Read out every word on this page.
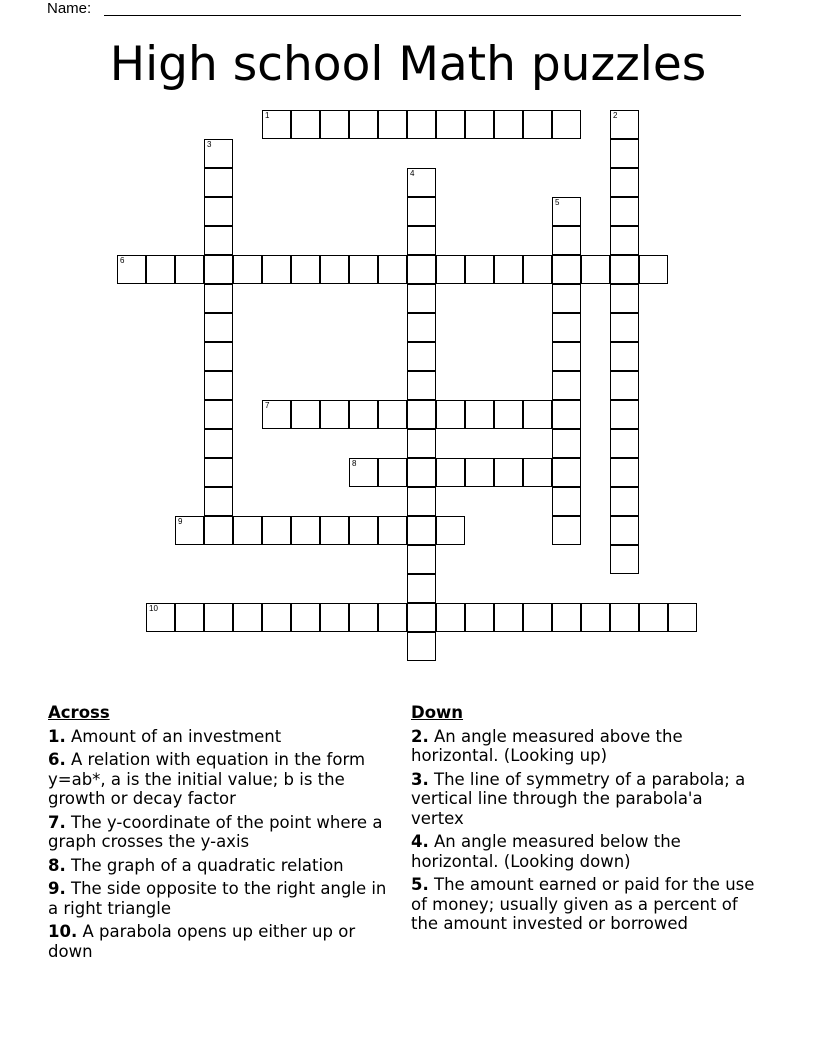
Name:
High school Math puzzles
1	2
3
4
5
6
7
8
9
10
Across
1. Amount of an investment
6. A relation with equation in the form y=ab*, a is the initial value; b is the growth or decay factor
7. The y-coordinate of the point where a graph crosses the y-axis
8. The graph of a quadratic relation
9. The side opposite to the right angle in a right triangle
10. A parabola opens up either up or down
Down
2. An angle measured above the horizontal. (Looking up)
3. The line of symmetry of a parabola; a vertical line through the parabola'a vertex
4. An angle measured below the horizontal. (Looking down)
5. The amount earned or paid for the use of money; usually given as a percent of the amount invested or borrowed
